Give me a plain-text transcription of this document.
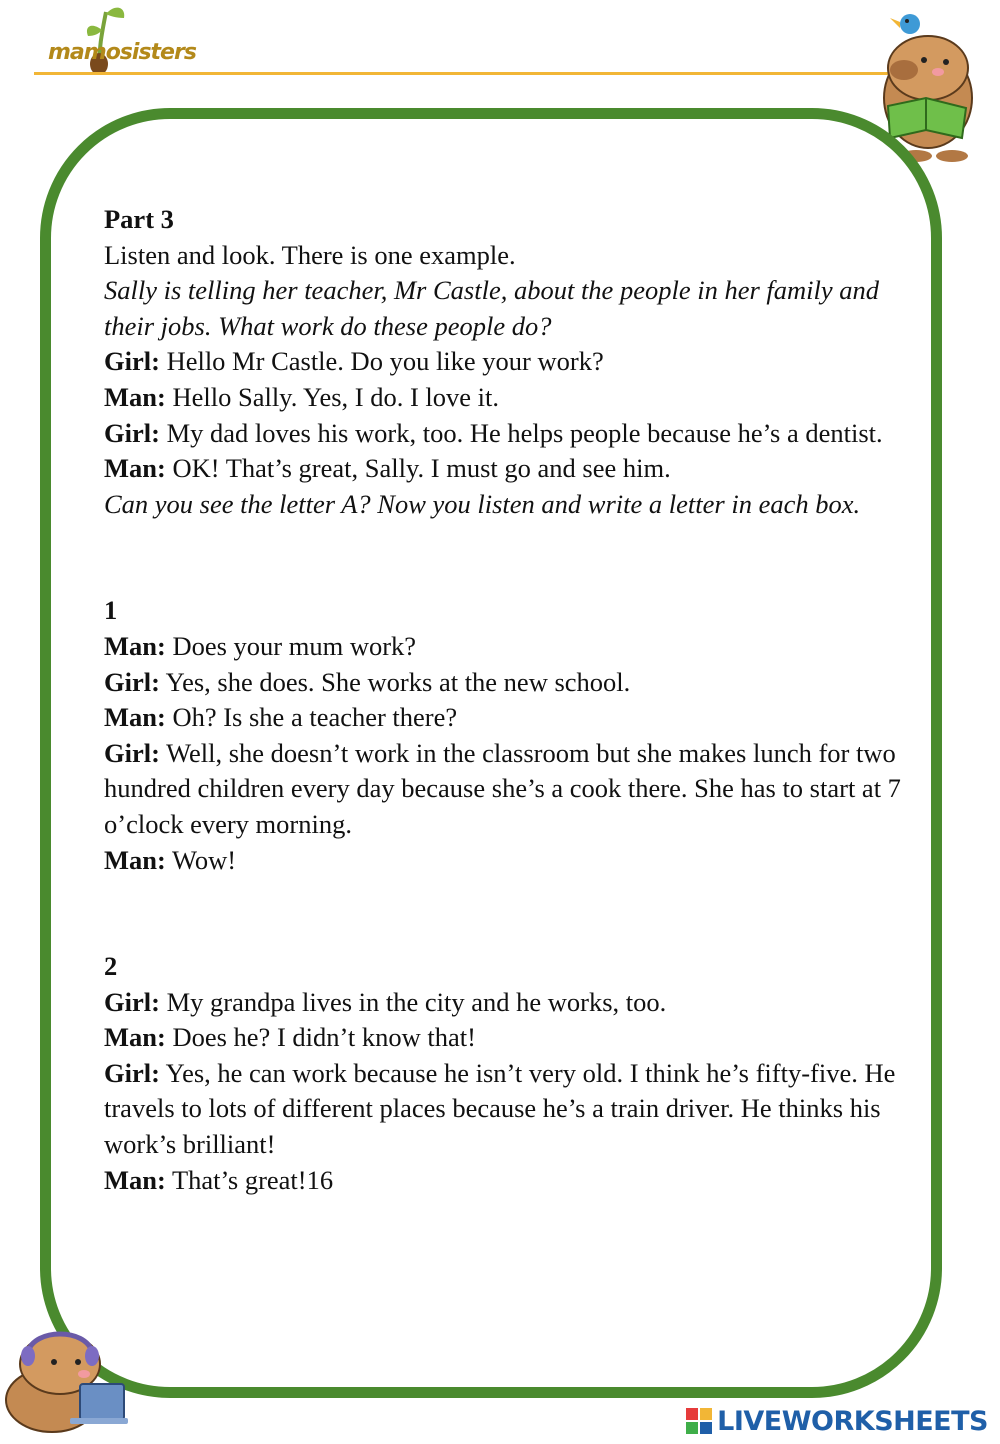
mamosisters

Part 3

Listen and look. There is one example.

Sally is telling her teacher, Mr Castle, about the people in her family and their jobs. What work do these people do?

Girl: Hello Mr Castle. Do you like your work?

Man: Hello Sally. Yes, I do. I love it.

Girl: My dad loves his work, too. He helps people because he’s a dentist.

Man: OK! That’s great, Sally. I must go and see him.

Can you see the letter A? Now you listen and write a letter in each box.

1

Man: Does your mum work?

Girl: Yes, she does. She works at the new school.

Man: Oh? Is she a teacher there?

Girl: Well, she doesn’t work in the classroom but she makes lunch for two hundred children every day because she’s a cook there. She has to start at 7 o’clock every morning.

Man: Wow!

2

Girl: My grandpa lives in the city and he works, too.

Man: Does he? I didn’t know that!

Girl: Yes, he can work because he isn’t very old. I think he’s fifty-five. He travels to lots of different places because he’s a train driver. He thinks his work’s brilliant!

Man: That’s great!16

LIVEWORKSHEETS
